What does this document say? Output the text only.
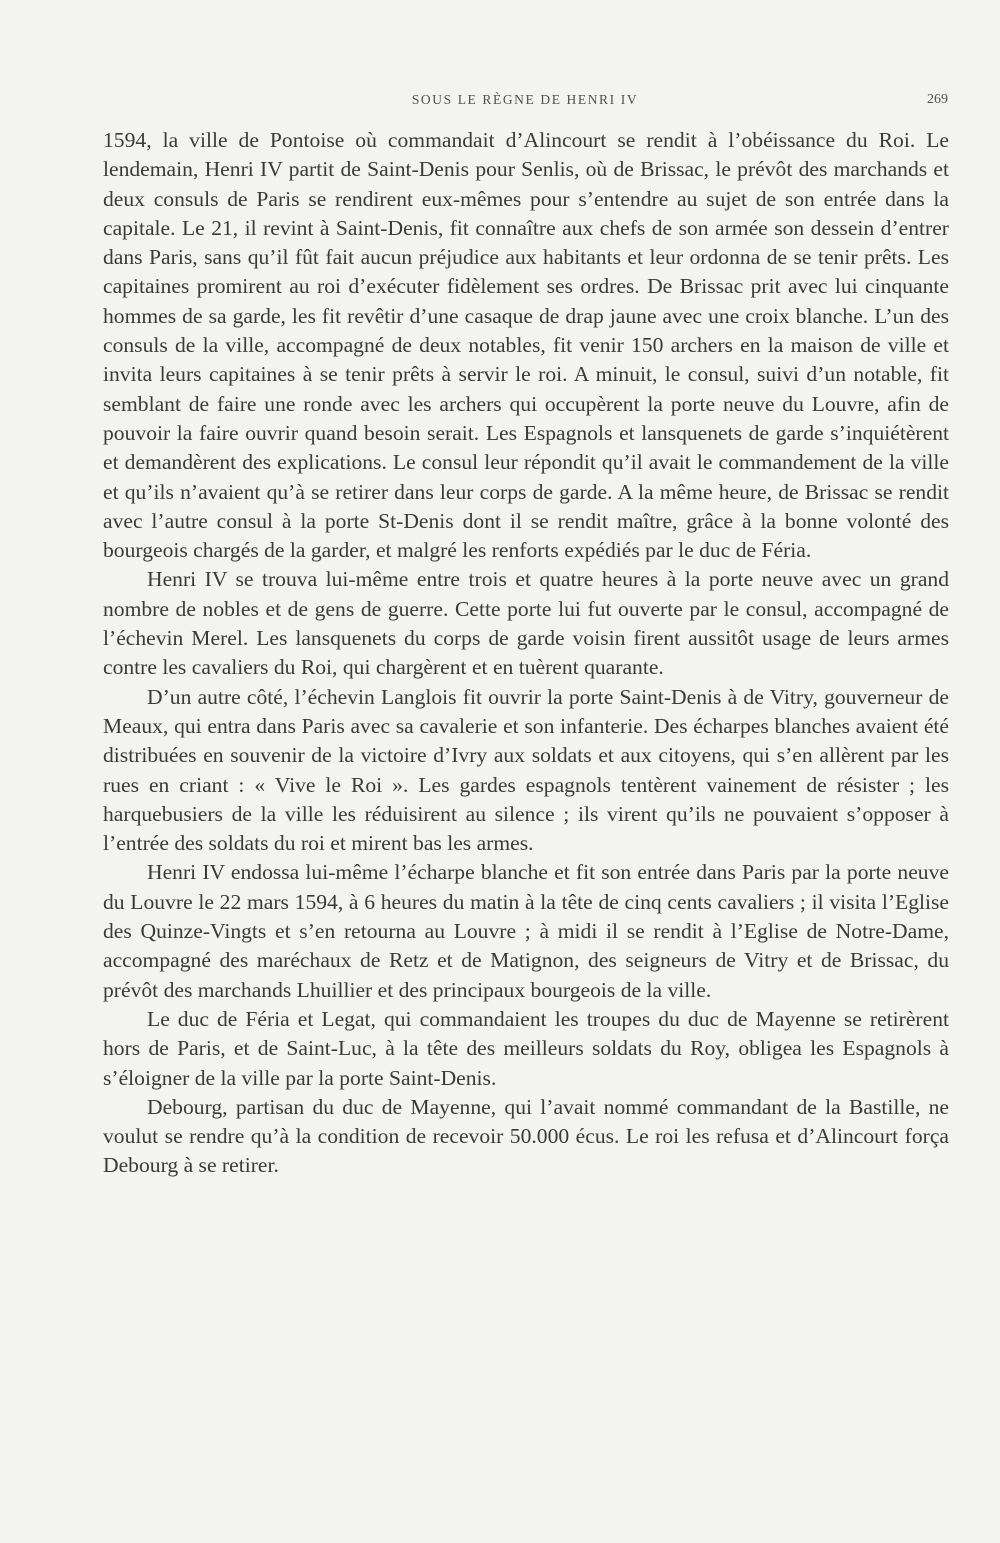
SOUS LE RÈGNE DE HENRI IV	269

1594, la ville de Pontoise où commandait d’Alincourt se rendit à l’obéissance du Roi. Le lendemain, Henri IV partit de Saint-Denis pour Senlis, où de Brissac, le prévôt des marchands et deux consuls de Paris se rendirent eux-mêmes pour s’entendre au sujet de son entrée dans la capitale. Le 21, il revint à Saint-Denis, fit connaître aux chefs de son armée son dessein d’entrer dans Paris, sans qu’il fût fait aucun préjudice aux habitants et leur ordonna de se tenir prêts. Les capitaines promirent au roi d’exécuter fidèlement ses ordres. De Brissac prit avec lui cinquante hommes de sa garde, les fit revêtir d’une casaque de drap jaune avec une croix blanche. L’un des consuls de la ville, accompagné de deux notables, fit venir 150 archers en la maison de ville et invita leurs capitaines à se tenir prêts à servir le roi. A minuit, le consul, suivi d’un notable, fit semblant de faire une ronde avec les archers qui occupèrent la porte neuve du Louvre, afin de pouvoir la faire ouvrir quand besoin serait. Les Espagnols et lansquenets de garde s’inquiétèrent et demandèrent des explications. Le consul leur répondit qu’il avait le commandement de la ville et qu’ils n’avaient qu’à se retirer dans leur corps de garde. A la même heure, de Brissac se rendit avec l’autre consul à la porte St-Denis dont il se rendit maître, grâce à la bonne volonté des bourgeois chargés de la garder, et malgré les renforts expédiés par le duc de Féria.

Henri IV se trouva lui-même entre trois et quatre heures à la porte neuve avec un grand nombre de nobles et de gens de guerre. Cette porte lui fut ouverte par le consul, accompagné de l’échevin Merel. Les lansquenets du corps de garde voisin firent aussitôt usage de leurs armes contre les cavaliers du Roi, qui chargèrent et en tuèrent quarante.

D’un autre côté, l’échevin Langlois fit ouvrir la porte Saint-Denis à de Vitry, gouverneur de Meaux, qui entra dans Paris avec sa cavalerie et son infanterie. Des écharpes blanches avaient été distribuées en souvenir de la victoire d’Ivry aux soldats et aux citoyens, qui s’en allèrent par les rues en criant : « Vive le Roi ». Les gardes espagnols tentèrent vainement de résister ; les harquebusiers de la ville les réduisirent au silence ; ils virent qu’ils ne pouvaient s’opposer à l’entrée des soldats du roi et mirent bas les armes.

Henri IV endossa lui-même l’écharpe blanche et fit son entrée dans Paris par la porte neuve du Louvre le 22 mars 1594, à 6 heures du matin à la tête de cinq cents cavaliers ; il visita l’Eglise des Quinze-Vingts et s’en retourna au Louvre ; à midi il se rendit à l’Eglise de Notre-Dame, accompagné des maréchaux de Retz et de Matignon, des seigneurs de Vitry et de Brissac, du prévôt des marchands Lhuillier et des principaux bourgeois de la ville.

Le duc de Féria et Legat, qui commandaient les troupes du duc de Mayenne se retirèrent hors de Paris, et de Saint-Luc, à la tête des meilleurs soldats du Roy, obligea les Espagnols à s’éloigner de la ville par la porte Saint-Denis.

Debourg, partisan du duc de Mayenne, qui l’avait nommé commandant de la Bastille, ne voulut se rendre qu’à la condition de recevoir 50.000 écus. Le roi les refusa et d’Alincourt força Debourg à se retirer.
